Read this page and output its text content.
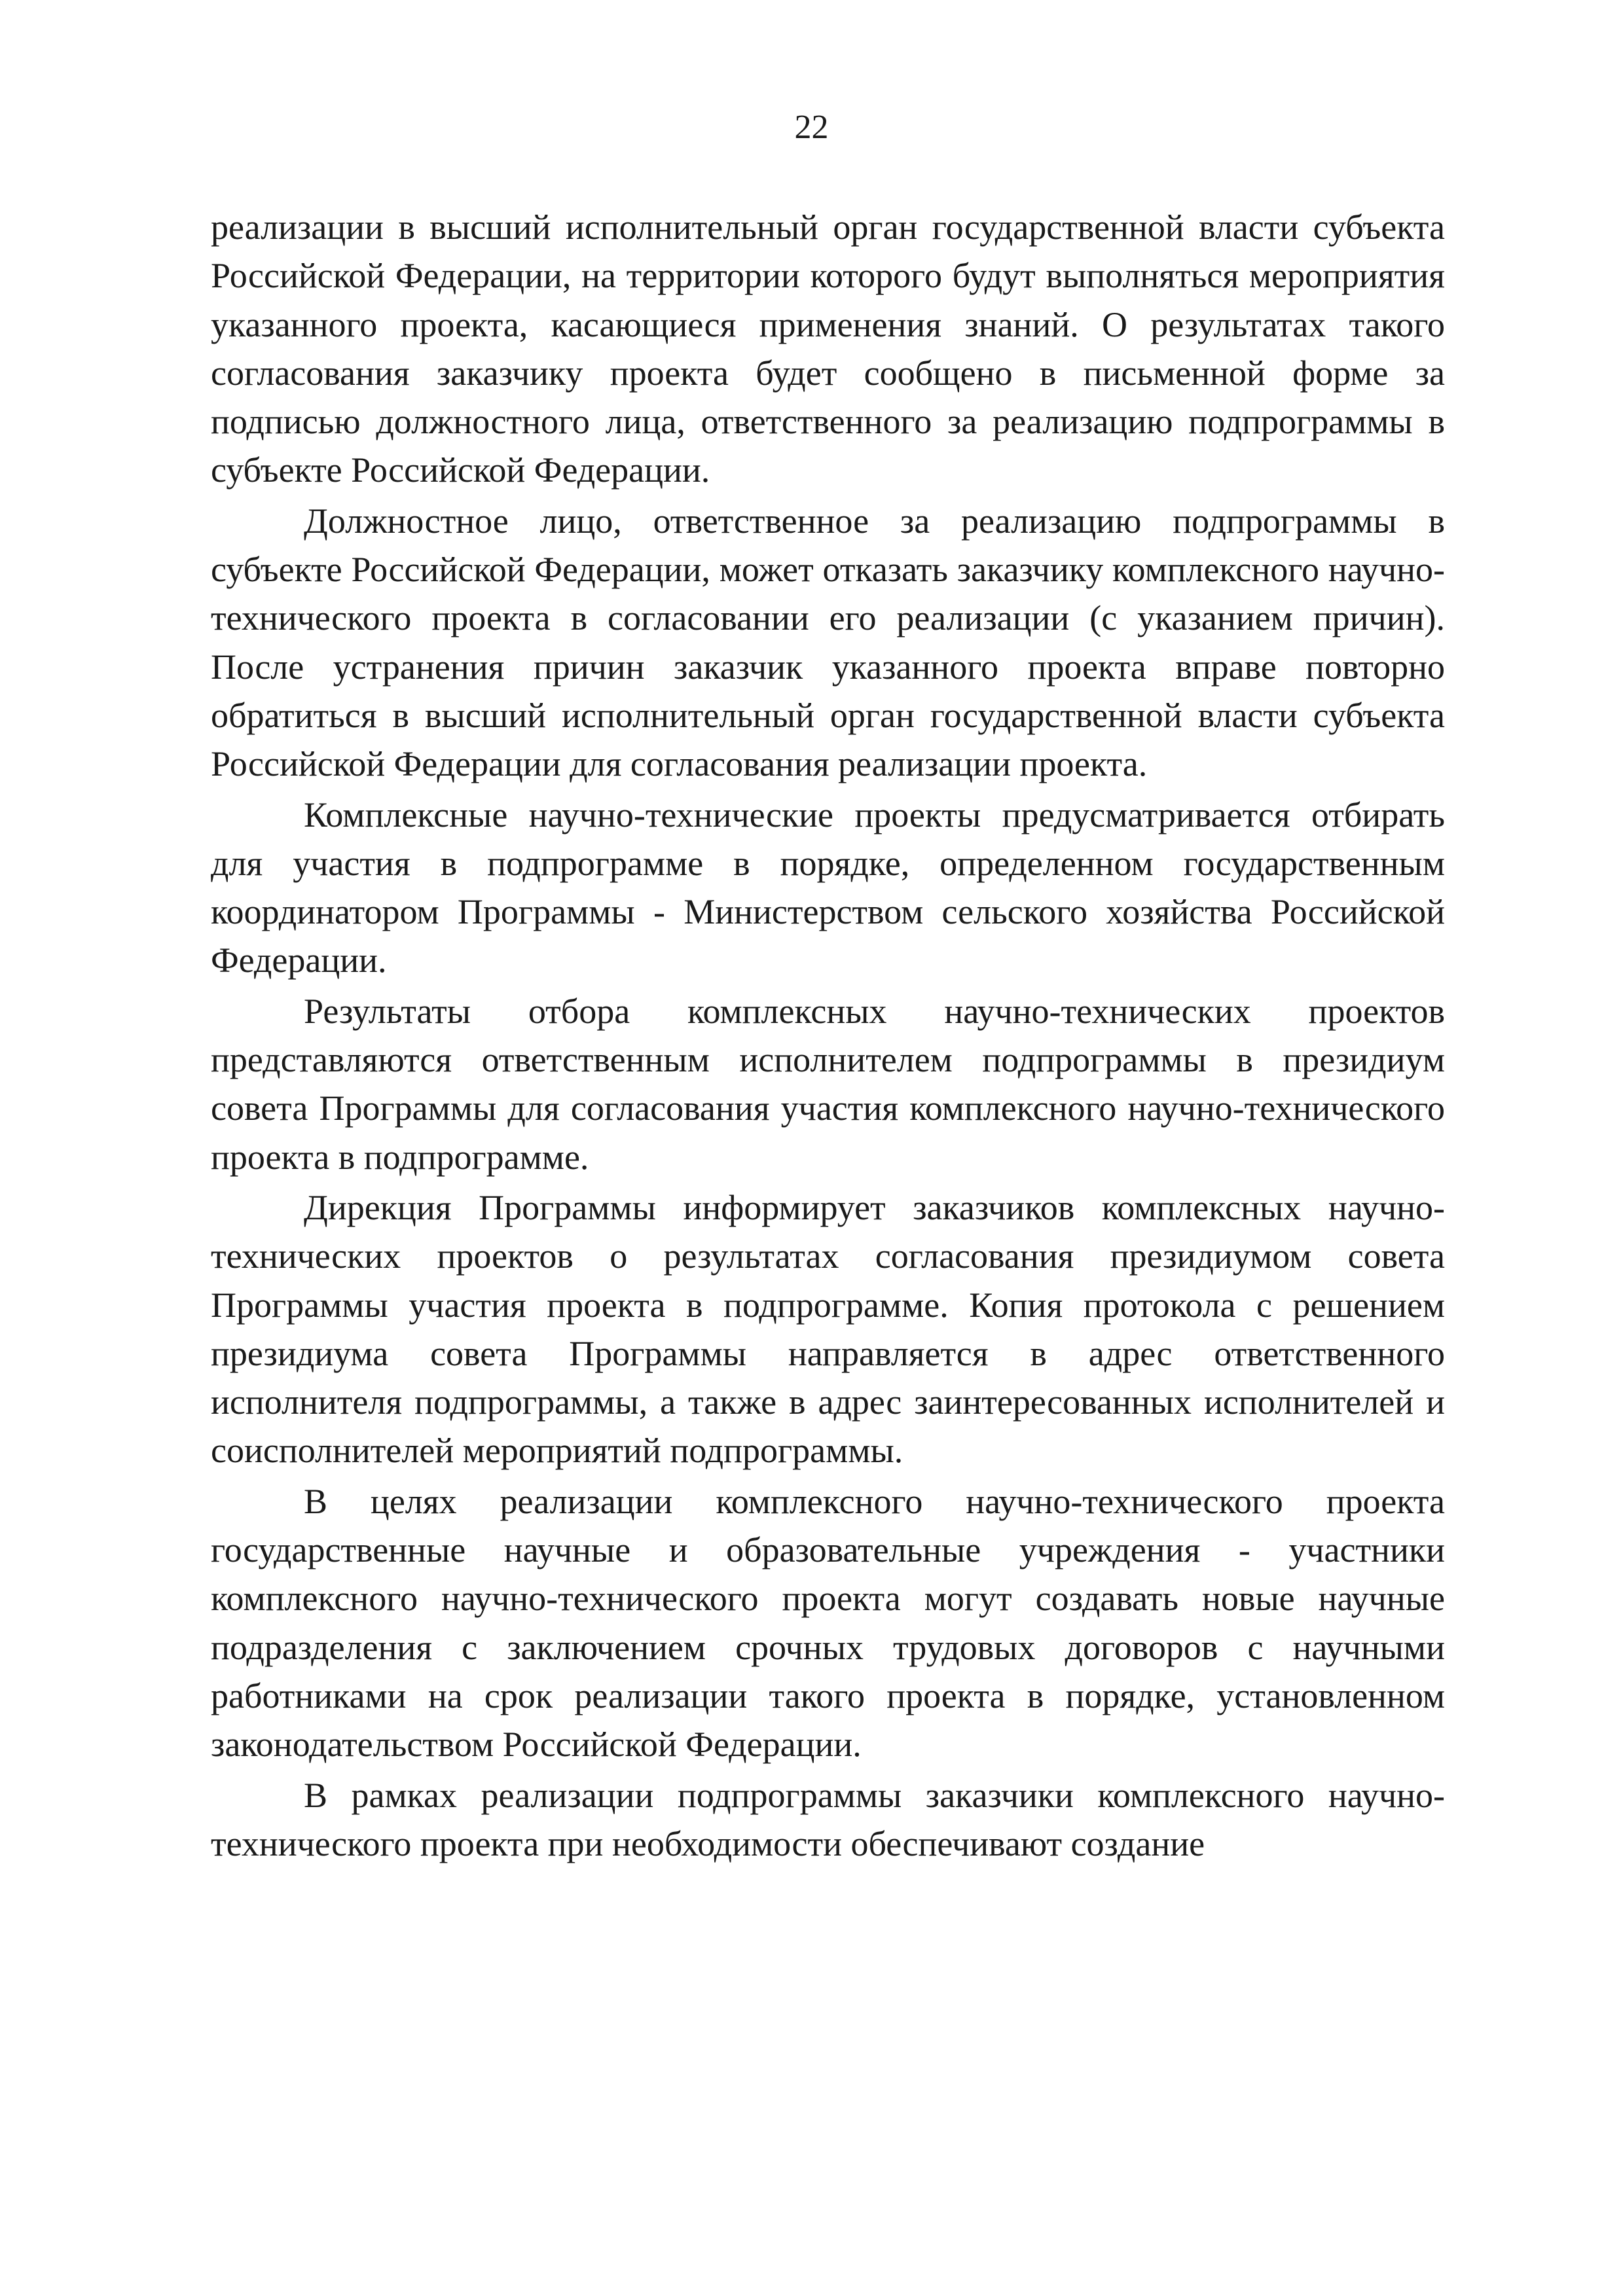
22

реализации в высший исполнительный орган государственной власти субъекта Российской Федерации, на территории которого будут выполняться мероприятия указанного проекта, касающиеся применения знаний. О результатах такого согласования заказчику проекта будет сообщено в письменной форме за подписью должностного лица, ответственного за реализацию подпрограммы в субъекте Российской Федерации.

Должностное лицо, ответственное за реализацию подпрограммы в субъекте Российской Федерации, может отказать заказчику комплексного научно-технического проекта в согласовании его реализации (с указанием причин). После устранения причин заказчик указанного проекта вправе повторно обратиться в высший исполнительный орган государственной власти субъекта Российской Федерации для согласования реализации проекта.

Комплексные научно-технические проекты предусматривается отбирать для участия в подпрограмме в порядке, определенном государственным координатором Программы - Министерством сельского хозяйства Российской Федерации.

Результаты отбора комплексных научно-технических проектов представляются ответственным исполнителем подпрограммы в президиум совета Программы для согласования участия комплексного научно-технического проекта в подпрограмме.

Дирекция Программы информирует заказчиков комплексных научно-технических проектов о результатах согласования президиумом совета Программы участия проекта в подпрограмме. Копия протокола с решением президиума совета Программы направляется в адрес ответственного исполнителя подпрограммы, а также в адрес заинтересованных исполнителей и соисполнителей мероприятий подпрограммы.

В целях реализации комплексного научно-технического проекта государственные научные и образовательные учреждения - участники комплексного научно-технического проекта могут создавать новые научные подразделения с заключением срочных трудовых договоров с научными работниками на срок реализации такого проекта в порядке, установленном законодательством Российской Федерации.

В рамках реализации подпрограммы заказчики комплексного научно-технического проекта при необходимости обеспечивают создание
